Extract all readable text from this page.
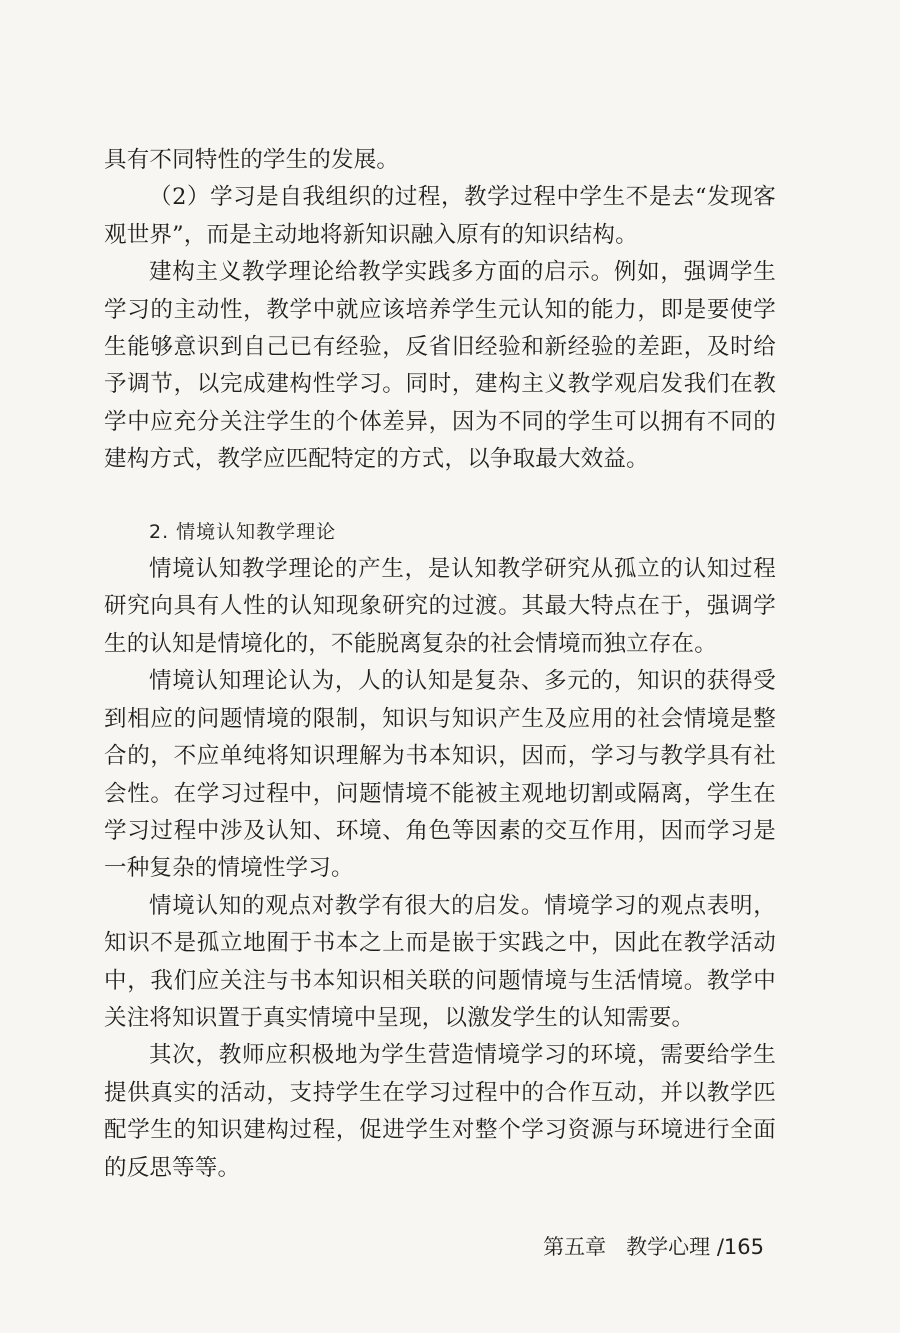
具有不同特性的学生的发展。

（2）学习是自我组织的过程，教学过程中学生不是去“发现客观世界”，而是主动地将新知识融入原有的知识结构。

建构主义教学理论给教学实践多方面的启示。例如，强调学生学习的主动性，教学中就应该培养学生元认知的能力，即是要使学生能够意识到自己已有经验，反省旧经验和新经验的差距，及时给予调节，以完成建构性学习。同时，建构主义教学观启发我们在教学中应充分关注学生的个体差异，因为不同的学生可以拥有不同的建构方式，教学应匹配特定的方式，以争取最大效益。

2. 情境认知教学理论

情境认知教学理论的产生，是认知教学研究从孤立的认知过程研究向具有人性的认知现象研究的过渡。其最大特点在于，强调学生的认知是情境化的，不能脱离复杂的社会情境而独立存在。

情境认知理论认为，人的认知是复杂、多元的，知识的获得受到相应的问题情境的限制，知识与知识产生及应用的社会情境是整合的，不应单纯将知识理解为书本知识，因而，学习与教学具有社会性。在学习过程中，问题情境不能被主观地切割或隔离，学生在学习过程中涉及认知、环境、角色等因素的交互作用，因而学习是一种复杂的情境性学习。

情境认知的观点对教学有很大的启发。情境学习的观点表明，知识不是孤立地囿于书本之上而是嵌于实践之中，因此在教学活动中，我们应关注与书本知识相关联的问题情境与生活情境。教学中关注将知识置于真实情境中呈现，以激发学生的认知需要。

其次，教师应积极地为学生营造情境学习的环境，需要给学生提供真实的活动，支持学生在学习过程中的合作互动，并以教学匹配学生的知识建构过程，促进学生对整个学习资源与环境进行全面的反思等等。

第五章 教学心理 /165
